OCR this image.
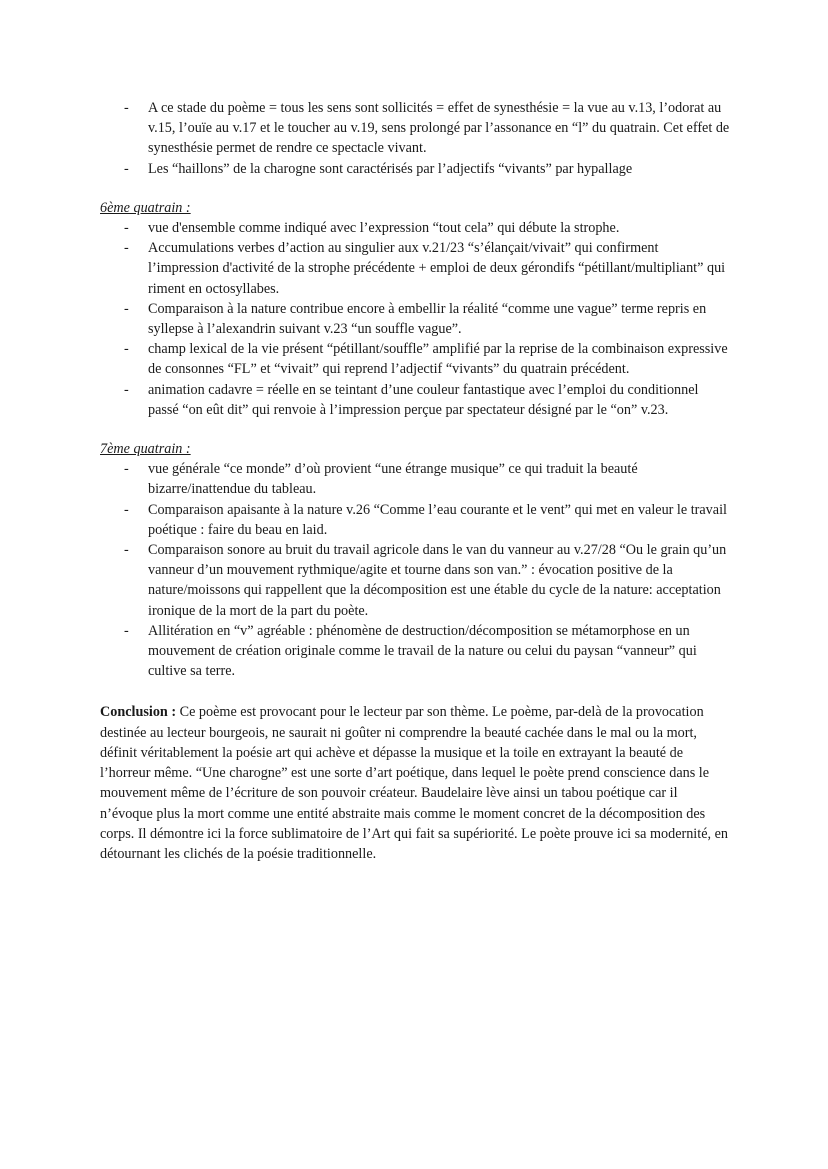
- A ce stade du poème = tous les sens sont sollicités = effet de synesthésie = la vue au v.13, l’odorat au v.15, l’ouïe au v.17 et le toucher au v.19, sens prolongé par l’assonance en “l” du quatrain. Cet effet de synesthésie permet de rendre ce spectacle vivant.
- Les “haillons” de la charogne sont caractérisés par l’adjectifs “vivants” par hypallage

6ème quatrain :

- vue d'ensemble comme indiqué avec l’expression “tout cela” qui débute la strophe.
- Accumulations verbes d’action au singulier aux v.21/23 “s’élançait/vivait” qui confirment l’impression d'activité de la strophe précédente + emploi de deux gérondifs “pétillant/multipliant” qui riment en octosyllabes.
- Comparaison à la nature contribue encore à embellir la réalité “comme une vague” terme repris en syllepse à l’alexandrin suivant v.23 “un souffle vague”.
- champ lexical de la vie présent “pétillant/souffle” amplifié par la reprise de la combinaison expressive de consonnes “FL” et “vivait” qui reprend l’adjectif “vivants” du quatrain précédent.
- animation cadavre = réelle en se teintant d’une couleur fantastique avec l’emploi du conditionnel passé “on eût dit” qui renvoie à l’impression perçue par spectateur désigné par le “on” v.23.

7ème quatrain :

- vue générale “ce monde” d’où provient “une étrange musique” ce qui traduit la beauté bizarre/inattendue du tableau.
- Comparaison apaisante à la nature v.26 “Comme l’eau courante et le vent” qui met en valeur le travail poétique : faire du beau en laid.
- Comparaison sonore au bruit du travail agricole dans le van du vanneur au v.27/28 “Ou le grain qu’un vanneur d’un mouvement rythmique/agite et tourne dans son van.” : évocation positive de la nature/moissons qui rappellent que la décomposition est une étable du cycle de la nature: acceptation ironique de la mort de la part du poète.
- Allitération en “v” agréable : phénomène de destruction/décomposition se métamorphose en un mouvement de création originale comme le travail de la nature ou celui du paysan “vanneur” qui cultive sa terre.

Conclusion : Ce poème est provocant pour le lecteur par son thème. Le poème, par-delà de la provocation destinée au lecteur bourgeois, ne saurait ni goûter ni comprendre la beauté cachée dans le mal ou la mort, définit véritablement la poésie art qui achève et dépasse la musique et la toile en extrayant la beauté de l’horreur même. “Une charogne” est une sorte d’art poétique, dans lequel le poète prend conscience dans le mouvement même de l’écriture de son pouvoir créateur. Baudelaire lève ainsi un tabou poétique car il n’évoque plus la mort comme une entité abstraite mais comme le moment concret de la décomposition des corps. Il démontre ici la force sublimatoire de l’Art qui fait sa supériorité. Le poète prouve ici sa modernité, en détournant les clichés de la poésie traditionnelle.
